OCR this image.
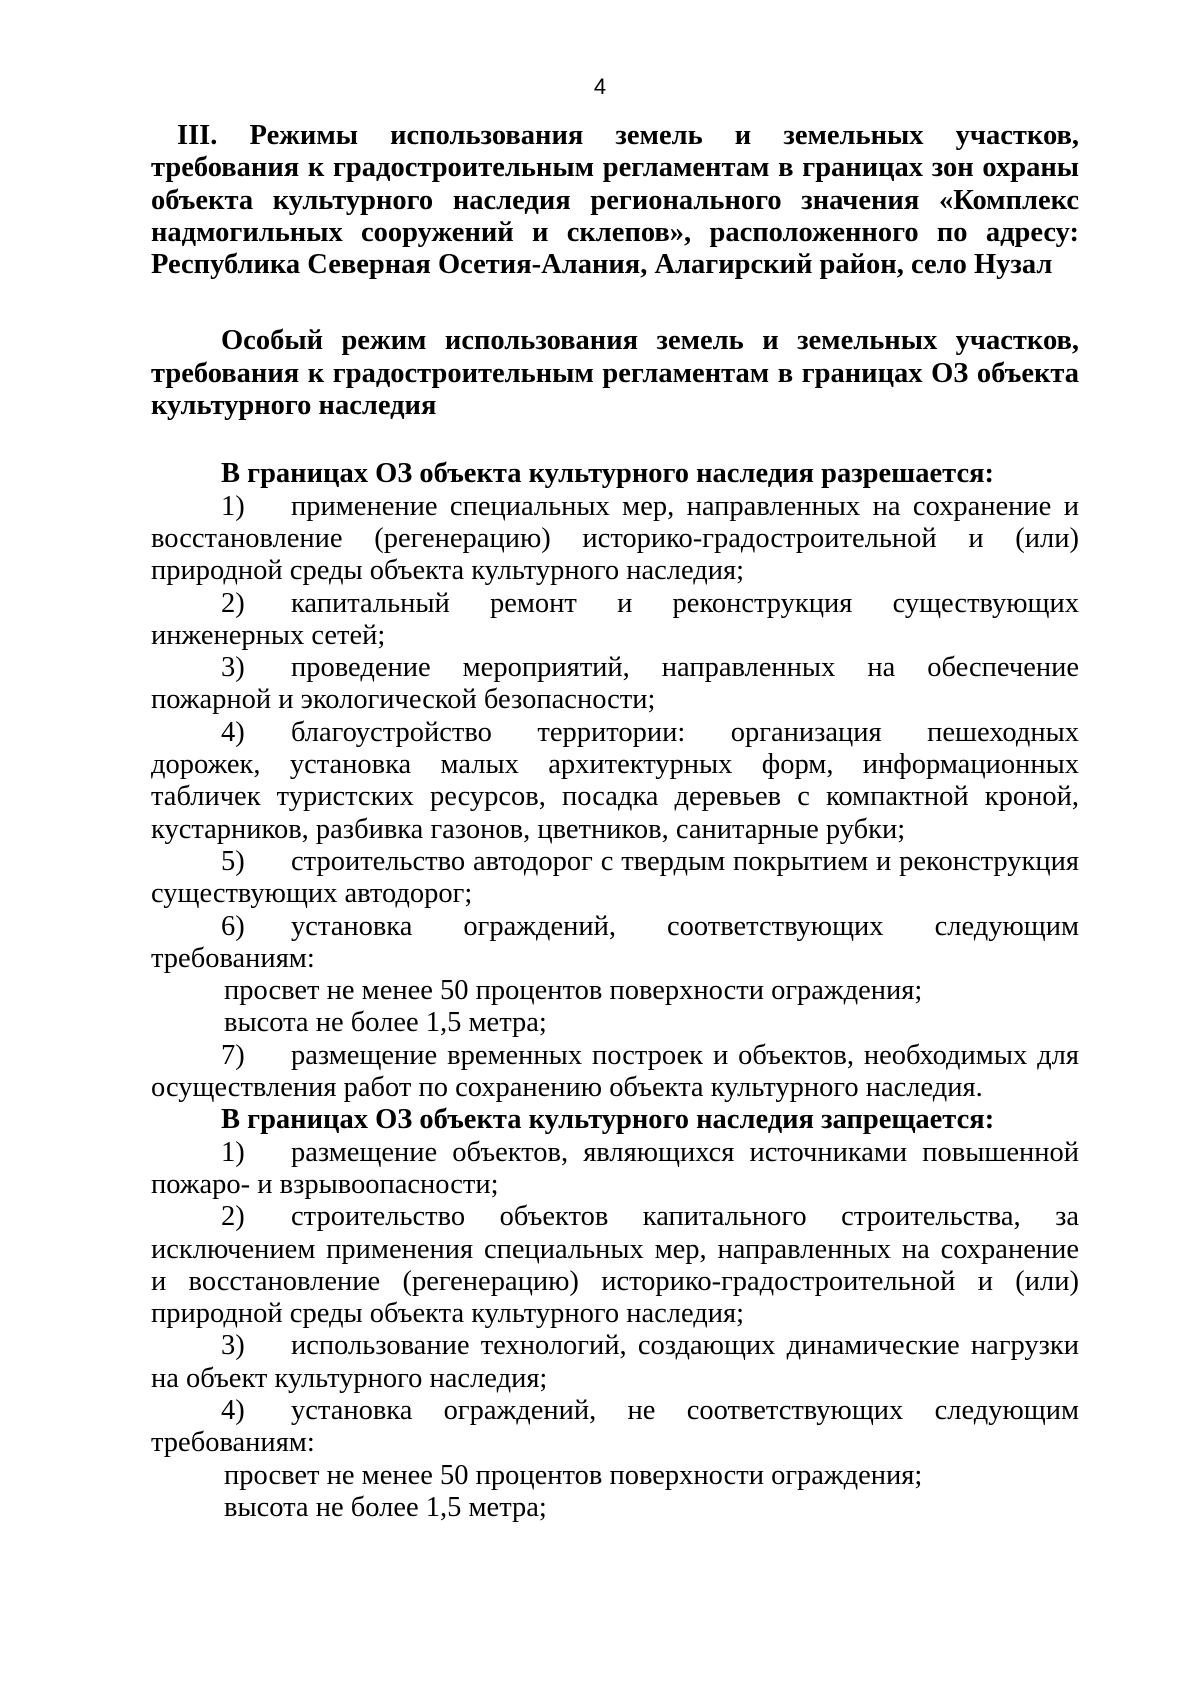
4

III. Режимы использования земель и земельных участков, требования к градостроительным регламентам в границах зон охраны объекта культурного наследия регионального значения «Комплекс надмогильных сооружений и склепов», расположенного по адресу: Республика Северная Осетия-Алания, Алагирский район, село Нузал

Особый режим использования земель и земельных участков, требования к градостроительным регламентам в границах ОЗ объекта культурного наследия

В границах ОЗ объекта культурного наследия разрешается:

1) применение специальных мер, направленных на сохранение и восстановление (регенерацию) историко-градостроительной и (или) природной среды объекта культурного наследия;

2) капитальный ремонт и реконструкция существующих инженерных сетей;

3) проведение мероприятий, направленных на обеспечение пожарной и экологической безопасности;

4) благоустройство территории: организация пешеходных дорожек, установка малых архитектурных форм, информационных табличек туристских ресурсов, посадка деревьев с компактной кроной, кустарников, разбивка газонов, цветников, санитарные рубки;

5) строительство автодорог с твердым покрытием и реконструкция существующих автодорог;

6) установка ограждений, соответствующих следующим требованиям:

просвет не менее 50 процентов поверхности ограждения;

высота не более 1,5 метра;

7) размещение временных построек и объектов, необходимых для осуществления работ по сохранению объекта культурного наследия.

В границах ОЗ объекта культурного наследия запрещается:

1) размещение объектов, являющихся источниками повышенной пожаро- и взрывоопасности;

2) строительство объектов капитального строительства, за исключением применения специальных мер, направленных на сохранение и восстановление (регенерацию) историко-градостроительной и (или) природной среды объекта культурного наследия;

3) использование технологий, создающих динамические нагрузки на объект культурного наследия;

4) установка ограждений, не соответствующих следующим требованиям:

просвет не менее 50 процентов поверхности ограждения;

высота не более 1,5 метра;
